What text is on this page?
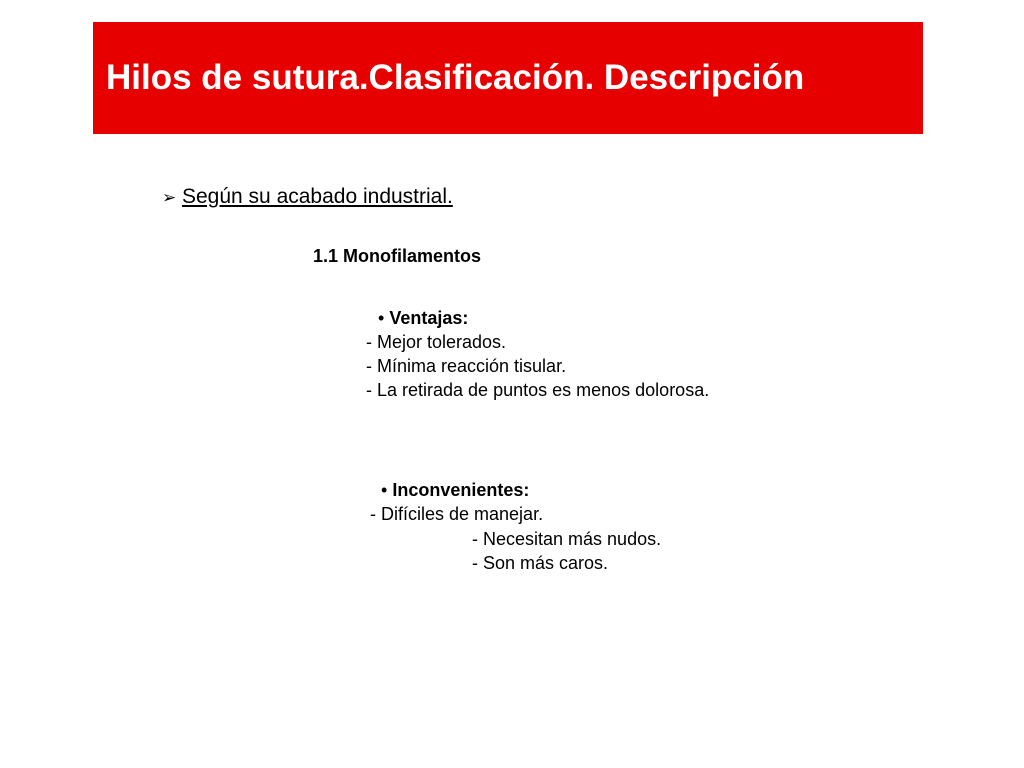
Hilos de sutura.Clasificación. Descripción
➢ Según su acabado industrial.
1.1 Monofilamentos
• Ventajas:
- Mejor tolerados.
- Mínima reacción tisular.
- La retirada de puntos es menos dolorosa.
• Inconvenientes:
- Difíciles de manejar.
- Necesitan más nudos.
- Son más caros.
